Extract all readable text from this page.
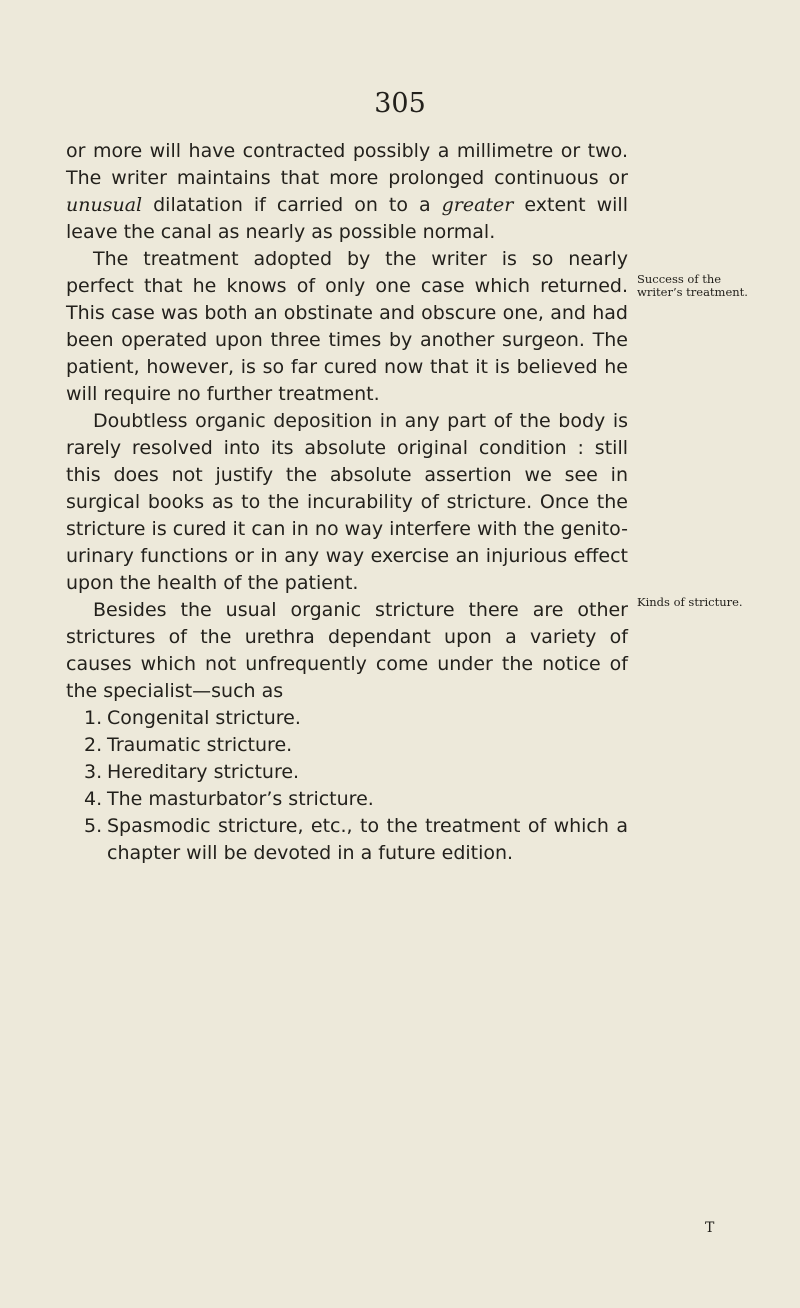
305

or more will have contracted possibly a millimetre or two. The writer maintains that more prolonged continuous or unusual dilatation if carried on to a greater extent will leave the canal as nearly as possible normal.

The treatment adopted by the writer is so nearly perfect that he knows of only one case which returned. This case was both an obstinate and obscure one, and had been operated upon three times by another surgeon. The patient, however, is so far cured now that it is believed he will require no further treatment.

Doubtless organic deposition in any part of the body is rarely resolved into its absolute original condition : still this does not justify the absolute assertion we see in surgical books as to the incurability of stricture. Once the stricture is cured it can in no way interfere with the genito-urinary functions or in any way exercise an injurious effect upon the health of the patient.

Besides the usual organic stricture there are other strictures of the urethra dependant upon a variety of causes which not unfrequently come under the notice of the specialist—such as

1. Congenital stricture.
2. Traumatic stricture.
3. Hereditary stricture.
4. The masturbator’s stricture.
5. Spasmodic stricture, etc., to the treatment of which a chapter will be devoted in a future edition.
Success of the writer’s treatment.
Kinds of stricture.
T
